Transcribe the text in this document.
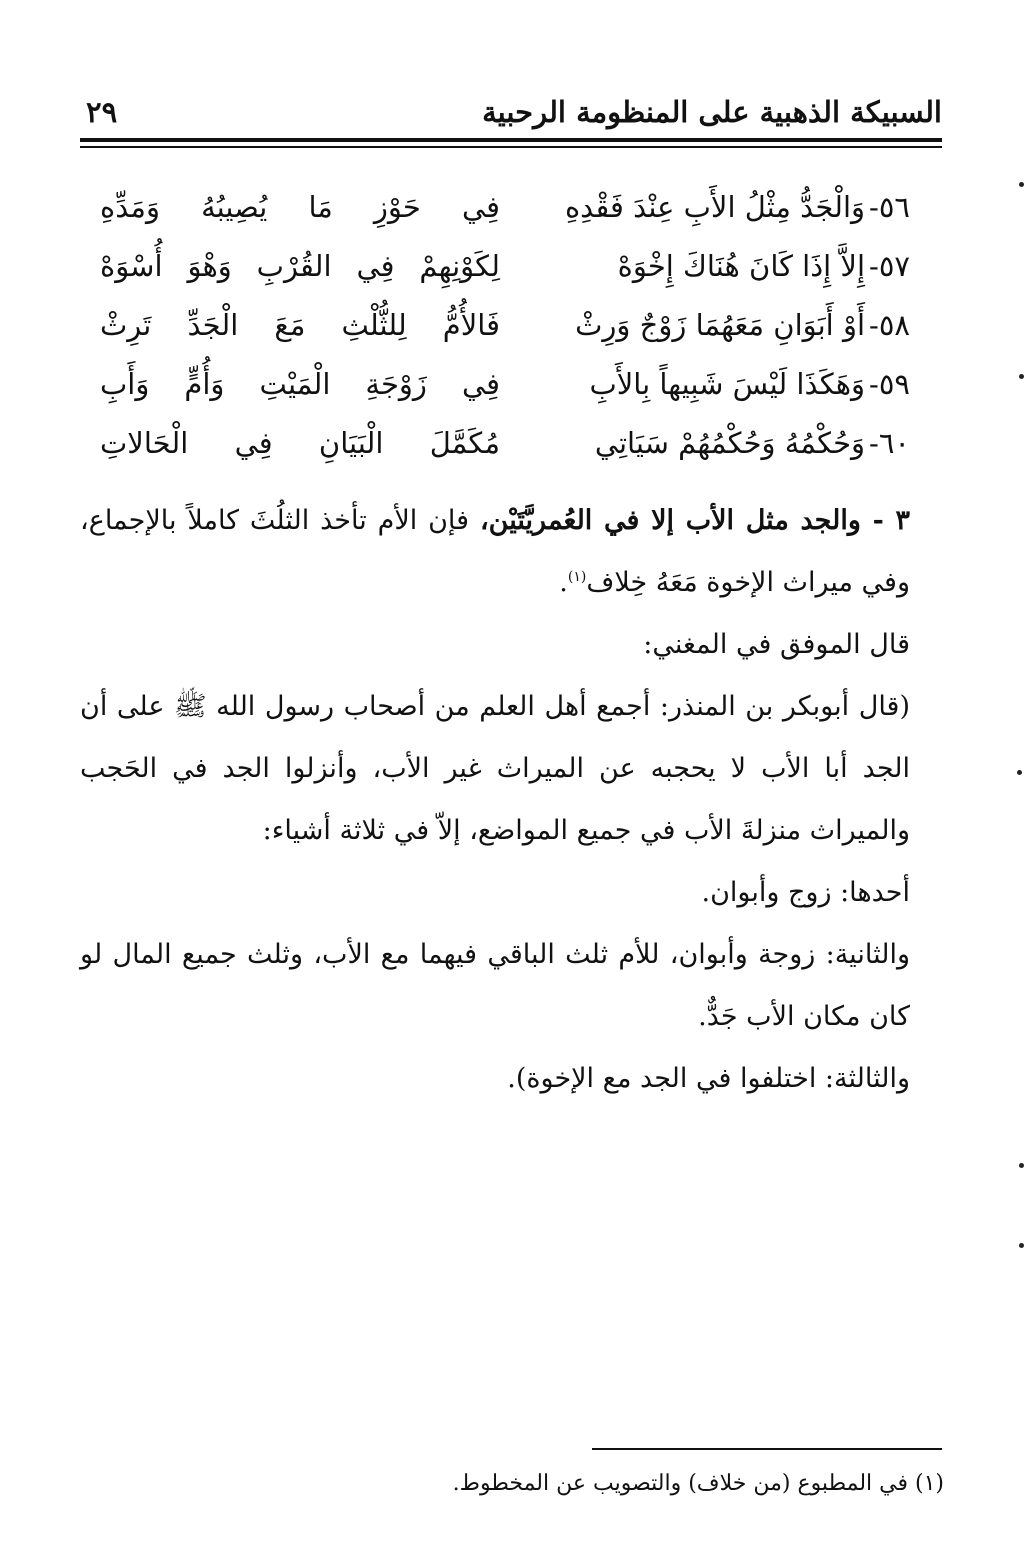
السبيكة الذهبية على المنظومة الرحبية
٢٩
٥٦-وَالْجَدُّ مِثْلُ الأَبِ عِنْدَ فَقْدِهِ
فِي حَوْزِ مَا يُصِيبُهُ وَمَدِّهِ
٥٧-إِلاَّ إِذَا كَانَ هُنَاكَ إِخْوَهْ
لِكَوْنِهِمْ فِي القُرْبِ وَهْوَ أُسْوَهْ
٥٨-أَوْ أَبَوَانِ مَعَهُمَا زَوْجٌ وَرِثْ
فَالأُمُّ لِلثُّلْثِ مَعَ الْجَدِّ تَرِثْ
٥٩-وَهَكَذَا لَيْسَ شَبِيهاً بِالأَبِ
فِي زَوْجَةِ الْمَيْتِ وَأُمٍّ وَأَبِ
٦٠-وَحُكْمُهُ وَحُكْمُهُمْ سَيَاتِي
مُكَمَّلَ الْبَيَانِ فِي الْحَالاتِ

٣ - والجد مثل الأب إلا في العُمريَّتَيْن، فإن الأم تأخذ الثلُثَ كاملاً بالإجماع، وفي ميراث الإخوة مَعَهُ خِلاف$^{(١)}$.

قال الموفق في المغني:

(قال أبوبكر بن المنذر: أجمع أهل العلم من أصحاب رسول الله ﷺ على أن الجد أبا الأب لا يحجبه عن الميراث غير الأب، وأنزلوا الجد في الحَجب والميراث منزلةَ الأب في جميع المواضع، إلاّ في ثلاثة أشياء:

أحدها: زوج وأبوان.

والثانية: زوجة وأبوان، للأم ثلث الباقي فيهما مع الأب، وثلث جميع المال لو كان مكان الأب جَدٌّ.

والثالثة: اختلفوا في الجد مع الإخوة).

(١) في المطبوع (من خلاف) والتصويب عن المخطوط.
